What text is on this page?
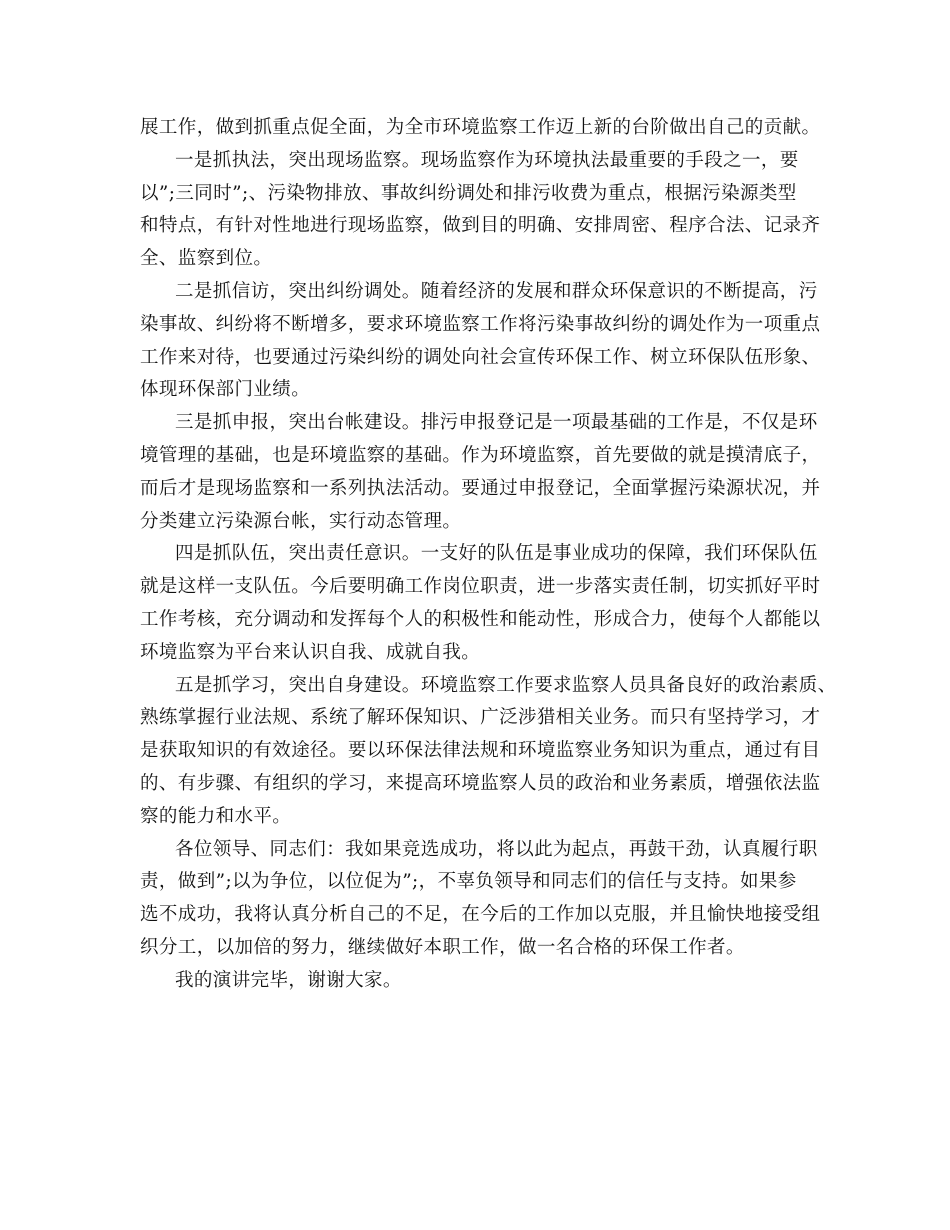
展工作，做到抓重点促全面，为全市环境监察工作迈上新的台阶做出自己的贡献。
一是抓执法，突出现场监察。现场监察作为环境执法最重要的手段之一，要
以”;三同时”;、污染物排放、事故纠纷调处和排污收费为重点，根据污染源类型
和特点，有针对性地进行现场监察，做到目的明确、安排周密、程序合法、记录齐
全、监察到位。
二是抓信访，突出纠纷调处。随着经济的发展和群众环保意识的不断提高，污
染事故、纠纷将不断增多，要求环境监察工作将污染事故纠纷的调处作为一项重点
工作来对待，也要通过污染纠纷的调处向社会宣传环保工作、树立环保队伍形象、
体现环保部门业绩。
三是抓申报，突出台帐建设。排污申报登记是一项最基础的工作是，不仅是环
境管理的基础，也是环境监察的基础。作为环境监察，首先要做的就是摸清底子，
而后才是现场监察和一系列执法活动。要通过申报登记，全面掌握污染源状况，并
分类建立污染源台帐，实行动态管理。
四是抓队伍，突出责任意识。一支好的队伍是事业成功的保障，我们环保队伍
就是这样一支队伍。今后要明确工作岗位职责，进一步落实责任制，切实抓好平时
工作考核，充分调动和发挥每个人的积极性和能动性，形成合力，使每个人都能以
环境监察为平台来认识自我、成就自我。
五是抓学习，突出自身建设。环境监察工作要求监察人员具备良好的政治素质、
熟练掌握行业法规、系统了解环保知识、广泛涉猎相关业务。而只有坚持学习，才
是获取知识的有效途径。要以环保法律法规和环境监察业务知识为重点，通过有目
的、有步骤、有组织的学习，来提高环境监察人员的政治和业务素质，增强依法监
察的能力和水平。
各位领导、同志们：我如果竞选成功，将以此为起点，再鼓干劲，认真履行职
责，做到”;以为争位，以位促为”;，不辜负领导和同志们的信任与支持。如果参
选不成功，我将认真分析自己的不足，在今后的工作加以克服，并且愉快地接受组
织分工，以加倍的努力，继续做好本职工作，做一名合格的环保工作者。
我的演讲完毕，谢谢大家。
